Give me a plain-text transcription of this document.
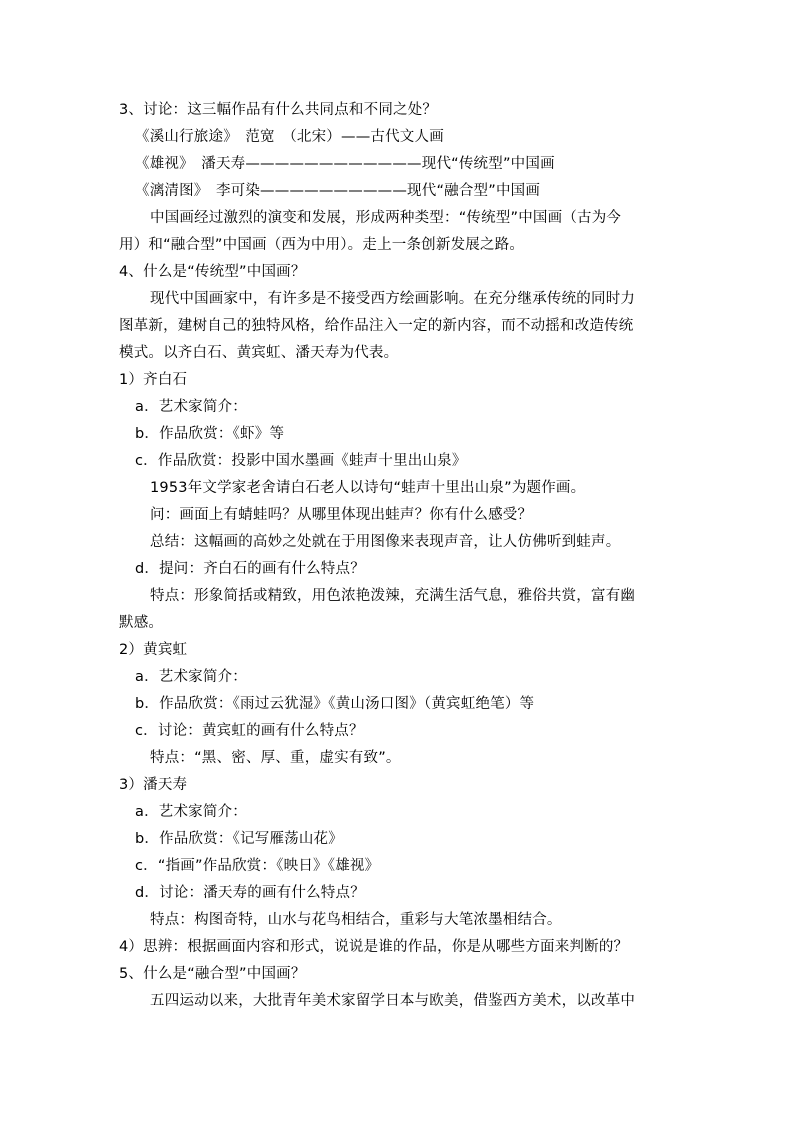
3、讨论：这三幅作品有什么共同点和不同之处？
《溪山行旅途》　范宽　（北宋）——古代文人画
《雄视》　潘天寿————————————现代“传统型”中国画
《漓清图》　李可染——————————现代“融合型”中国画
中国画经过激烈的演变和发展，形成两种类型：“传统型”中国画（古为今
用）和“融合型”中国画（西为中用）。走上一条创新发展之路。
4、什么是“传统型”中国画？
现代中国画家中，有许多是不接受西方绘画影响。在充分继承传统的同时力
图革新，建树自己的独特风格，给作品注入一定的新内容，而不动摇和改造传统
模式。以齐白石、黄宾虹、潘天寿为代表。
1）齐白石
a．艺术家简介：
b．作品欣赏：《虾》等
c．作品欣赏：投影中国水墨画《蛙声十里出山泉》
1953年文学家老舍请白石老人以诗句“蛙声十里出山泉”为题作画。
问：画面上有蜻蛙吗？从哪里体现出蛙声？你有什么感受？
总结：这幅画的高妙之处就在于用图像来表现声音，让人仿佛听到蛙声。
d．提问：齐白石的画有什么特点？
特点：形象简括或精致，用色浓艳泼辣，充满生活气息，雅俗共赏，富有幽
默感。
2）黄宾虹
a．艺术家简介：
b．作品欣赏：《雨过云犹湿》《黄山汤口图》（黄宾虹绝笔）等
c．讨论：黄宾虹的画有什么特点？
特点：“黑、密、厚、重，虚实有致”。
3）潘天寿
a．艺术家简介：
b．作品欣赏：《记写雁荡山花》
c．“指画”作品欣赏：《映日》《雄视》
d．讨论：潘天寿的画有什么特点？
特点：构图奇特，山水与花鸟相结合，重彩与大笔浓墨相结合。
4）思辨：根据画面内容和形式，说说是谁的作品，你是从哪些方面来判断的？
5、什么是“融合型”中国画？
五四运动以来，大批青年美术家留学日本与欧美，借鉴西方美术，以改革中
